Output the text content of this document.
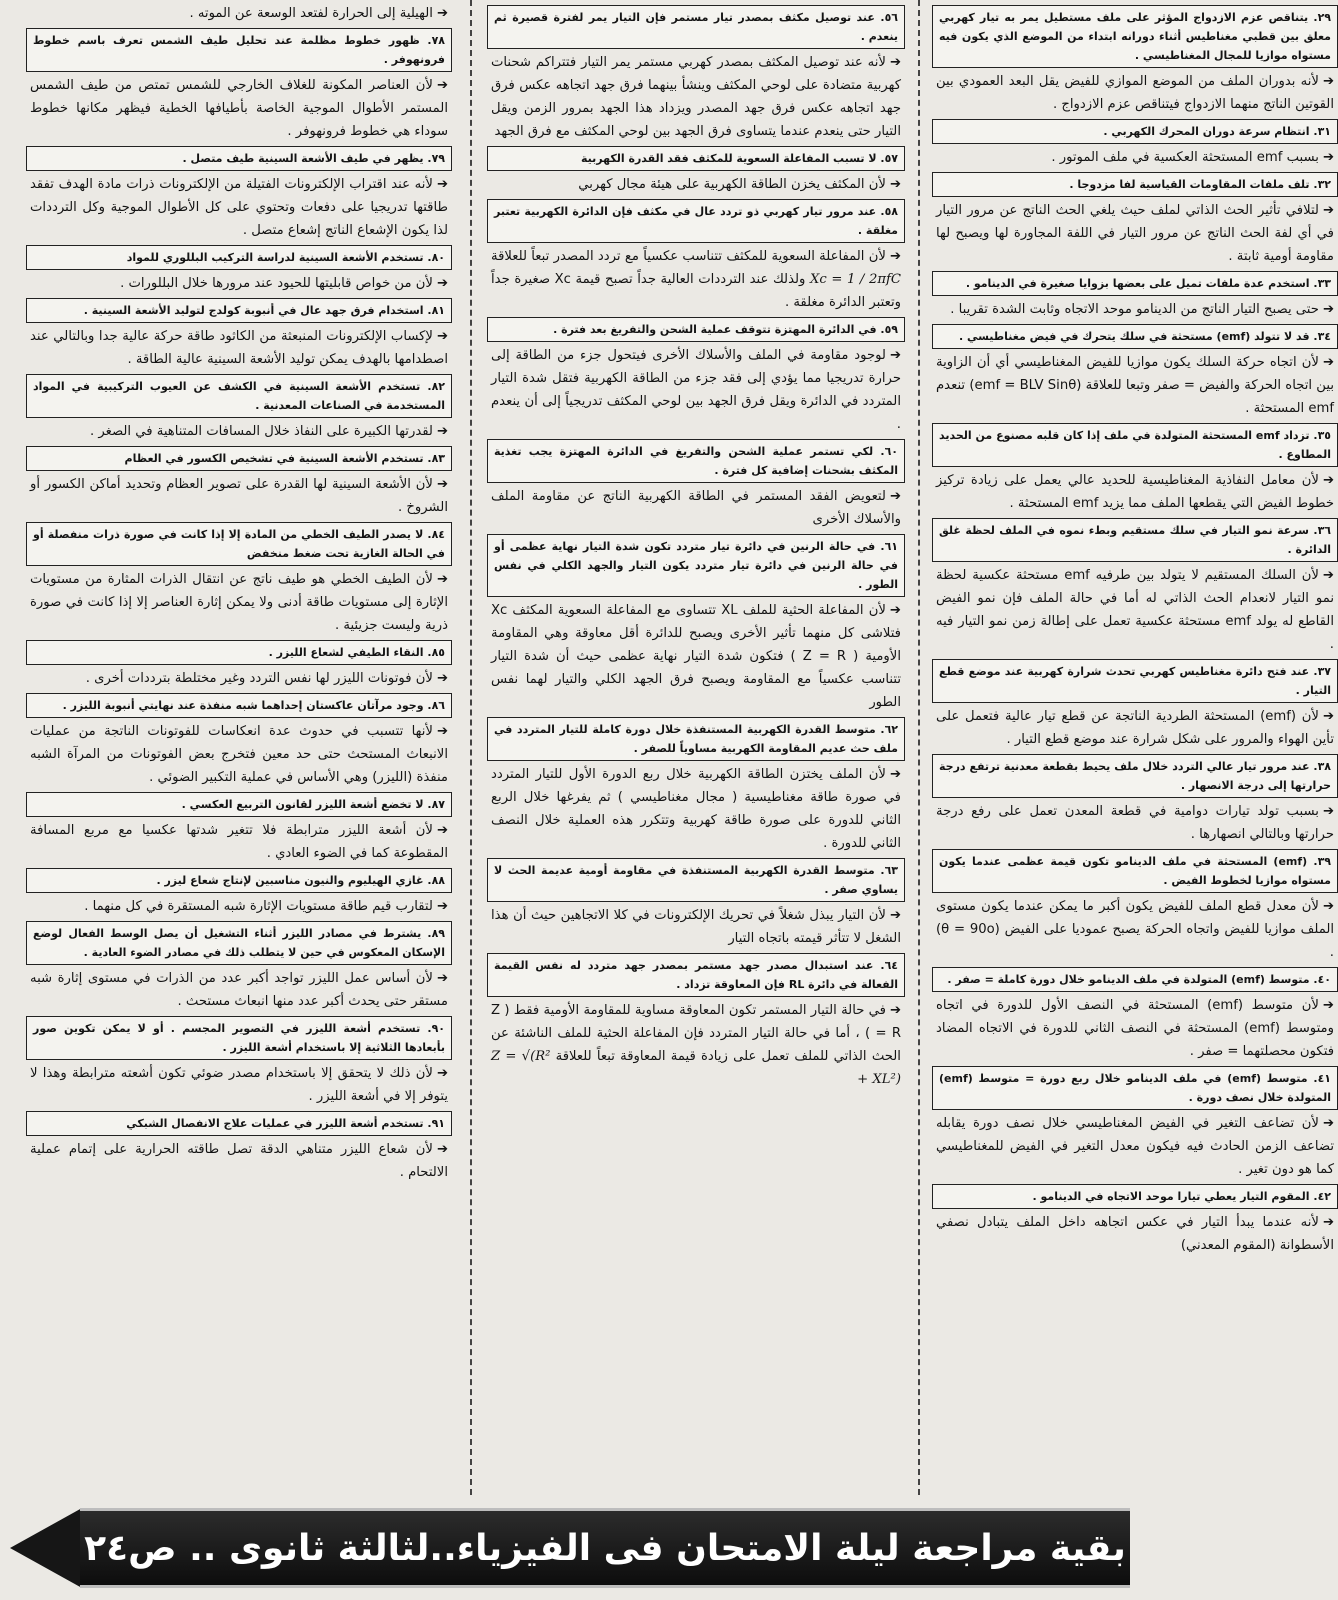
٢٩. يتناقص عزم الازدواج المؤثر على ملف مستطيل يمر به تيار كهربي معلق بين قطبي مغناطيس أثناء دورانه ابتداء من الموضع الذي يكون فيه مستواه موازيا للمجال المغناطيسي .
➔لأنه بدوران الملف من الموضع الموازي للفيض يقل البعد العمودي بين القوتين الناتج منهما الازدواج فيتناقص عزم الازدواج .
٣١. انتظام سرعة دوران المحرك الكهربي .
➔بسبب emf المستحثة العكسية في ملف الموتور .
٣٢. تلف ملفات المقاومات القياسية لفا مزدوجا .
➔لتلافي تأثير الحث الذاتي لملف حيث يلغي الحث الناتج عن مرور التيار في أي لفة الحث الناتج عن مرور التيار في اللفة المجاورة لها ويصبح لها مقاومة أومية ثابتة .
٣٣. استخدم عدة ملفات تميل على بعضها بزوايا صغيرة في الدينامو .
➔حتى يصبح التيار الناتج من الدينامو موحد الاتجاه وثابت الشدة تقريبا .
٣٤. قد لا تتولد (emf) مستحثة في سلك يتحرك في فيض مغناطيسي .
➔لأن اتجاه حركة السلك يكون موازيا للفيض المغناطيسي أي أن الزاوية بين اتجاه الحركة والفيض = صفر وتبعا للعلاقة (emf = BLV Sinθ) تنعدم emf المستحثة .
٣٥. تزداد emf المستحثة المتولدة في ملف إذا كان قلبه مصنوع من الحديد المطاوع .
➔لأن معامل النفاذية المغناطيسية للحديد عالي يعمل على زيادة تركيز خطوط الفيض التي يقطعها الملف مما يزيد emf المستحثة .
٣٦. سرعة نمو التيار في سلك مستقيم وبطء نموه في الملف لحظة غلق الدائرة .
➔لأن السلك المستقيم لا يتولد بين طرفيه emf مستحثة عكسية لحظة نمو التيار لانعدام الحث الذاتي له أما في حالة الملف فإن نمو الفيض القاطع له يولد emf مستحثة عكسية تعمل على إطالة زمن نمو التيار فيه .
٣٧. عند فتح دائرة مغناطيس كهربي تحدث شرارة كهربية عند موضع قطع التيار .
➔لأن (emf) المستحثة الطردية الناتجة عن قطع تيار عالية فتعمل على تأين الهواء والمرور على شكل شرارة عند موضع قطع التيار .
٣٨. عند مرور تيار عالي التردد خلال ملف يحيط بقطعة معدنية ترتفع درجة حرارتها إلى درجة الانصهار .
➔بسبب تولد تيارات دوامية في قطعة المعدن تعمل على رفع درجة حرارتها وبالتالي انصهارها .
٣٩. (emf) المستحثة في ملف الدينامو تكون قيمة عظمى عندما يكون مستواه موازيا لخطوط الفيض .
➔لأن معدل قطع الملف للفيض يكون أكبر ما يمكن عندما يكون مستوى الملف موازيا للفيض واتجاه الحركة يصبح عموديا على الفيض (θ = 90o) .
٤٠. متوسط (emf) المتولدة في ملف الدينامو خلال دورة كاملة = صفر .
➔لأن متوسط (emf) المستحثة في النصف الأول للدورة في اتجاه ومتوسط (emf) المستحثة في النصف الثاني للدورة في الاتجاه المضاد فتكون محصلتهما = صفر .
٤١. متوسط (emf) في ملف الدينامو خلال ربع دورة = متوسط (emf) المتولدة خلال نصف دورة .
➔لأن تضاعف التغير في الفيض المغناطيسي خلال نصف دورة يقابله تضاعف الزمن الحادث فيه فيكون معدل التغير في الفيض للمغناطيسي كما هو دون تغير .
٤٢. المقوم التيار يعطي تيارا موحد الاتجاه في الدينامو .
➔لأنه عندما يبدأ التيار في عكس اتجاهه داخل الملف يتبادل نصفي الأسطوانة (المقوم المعدني)
٥٦. عند توصيل مكثف بمصدر تيار مستمر فإن التيار يمر لفترة قصيرة ثم ينعدم .
➔لأنه عند توصيل المكثف بمصدر كهربي مستمر يمر التيار فتتراكم شحنات كهربية متضادة على لوحي المكثف وينشأ بينهما فرق جهد اتجاهه عكس فرق جهد اتجاهه عكس فرق جهد المصدر ويزداد هذا الجهد بمرور الزمن ويقل التيار حتى ينعدم عندما يتساوى فرق الجهد بين لوحي المكثف مع فرق الجهد
٥٧. لا تسبب المفاعلة السعوية للمكثف فقد القدرة الكهربية
➔لأن المكثف يخزن الطاقة الكهربية على هيئة مجال كهربي
٥٨. عند مرور تيار كهربي ذو تردد عال في مكثف فإن الدائرة الكهربية تعتبر مغلقة .
➔لأن المفاعلة السعوية للمكثف تتناسب عكسياً مع تردد المصدر تبعاً للعلاقة Xc = 1 / 2πfC ولذلك عند الترددات العالية جداً تصبح قيمة Xc صغيرة جداً وتعتبر الدائرة مغلقة .
٥٩. في الدائرة المهتزة تتوقف عملية الشحن والتفريغ بعد فترة .
➔لوجود مقاومة في الملف والأسلاك الأخرى فيتحول جزء من الطاقة إلى حرارة تدريجيا مما يؤدي إلى فقد جزء من الطاقة الكهربية فتقل شدة التيار المتردد في الدائرة ويقل فرق الجهد بين لوحي المكثف تدريجياً إلى أن ينعدم .
٦٠. لكي تستمر عملية الشحن والتفريغ في الدائرة المهتزة يجب تغذية المكثف بشحنات إضافية كل فترة .
➔لتعويض الفقد المستمر في الطاقة الكهربية الناتج عن مقاومة الملف والأسلاك الأخرى
٦١. في حالة الرنين في دائرة تيار متردد تكون شدة التيار نهاية عظمى أو في حالة الرنين في دائرة تيار متردد يكون التيار والجهد الكلي في نفس الطور .
➔لأن المفاعلة الحثية للملف XL تتساوى مع المفاعلة السعوية المكثف Xc فتلاشى كل منهما تأثير الأخرى ويصبح للدائرة أقل معاوقة وهي المقاومة الأومية ( Z = R ) فتكون شدة التيار نهاية عظمى حيث أن شدة التيار تتناسب عكسياً مع المقاومة ويصبح فرق الجهد الكلي والتيار لهما نفس الطور
٦٢. متوسط القدرة الكهربية المستنفذة خلال دورة كاملة للتيار المتردد في ملف حث عديم المقاومة الكهربية مساوياً للصفر .
➔لأن الملف يختزن الطاقة الكهربية خلال ربع الدورة الأول للتيار المتردد في صورة طاقة مغناطيسية ( مجال مغناطيسي ) ثم يفرغها خلال الربع الثاني للدورة على صورة طاقة كهربية وتتكرر هذه العملية خلال النصف الثاني للدورة .
٦٣. متوسط القدرة الكهربية المستنفذة في مقاومة أومية عديمة الحث لا يساوي صفر .
➔لأن التيار يبذل شغلاً في تحريك الإلكترونات في كلا الاتجاهين حيث أن هذا الشغل لا تتأثر قيمته باتجاه التيار
٦٤. عند استبدال مصدر جهد مستمر بمصدر جهد متردد له نفس القيمة الفعالة في دائرة RL فإن المعاوقة تزداد .
➔في حالة التيار المستمر تكون المعاوقة مساوية للمقاومة الأومية فقط ( Z = R ) ، أما في حالة التيار المتردد فإن المفاعلة الحثية للملف الناشئة عن الحث الذاتي للملف تعمل على زيادة قيمة المعاوقة تبعاً للعلاقة Z = √(R² + XL²)
➔الهيلية إلى الحرارة لفتعد الوسعة عن الموته .
٧٨. ظهور خطوط مظلمة عند تحليل طيف الشمس تعرف باسم خطوط فرونهوفر .
➔لأن العناصر المكونة للغلاف الخارجي للشمس تمتص من طيف الشمس المستمر الأطوال الموجية الخاصة بأطيافها الخطية فيظهر مكانها خطوط سوداء هي خطوط فرونهوفر .
٧٩. يظهر في طيف الأشعة السينية طيف متصل .
➔لأنه عند اقتراب الإلكترونات الفتيلة من الإلكترونات ذرات مادة الهدف تفقد طاقتها تدريجيا على دفعات وتحتوي على كل الأطوال الموجية وكل الترددات لذا يكون الإشعاع الناتج إشعاع متصل .
٨٠. تستخدم الأشعة السينية لدراسة التركيب البللوري للمواد
➔لأن من خواص قابليتها للحيود عند مرورها خلال البللورات .
٨١. استخدام فرق جهد عال في أنبوبة كولدج لتوليد الأشعة السينية .
➔لإكساب الإلكترونات المنبعثة من الكاثود طاقة حركة عالية جدا وبالتالي عند اصطدامها بالهدف يمكن توليد الأشعة السينية عالية الطاقة .
٨٢. تستخدم الأشعة السينية في الكشف عن العيوب التركيبية في المواد المستخدمة في الصناعات المعدنية .
➔لقدرتها الكبيرة على النفاذ خلال المسافات المتناهية في الصغر .
٨٣. تستخدم الأشعة السينية في تشخيص الكسور في العظام
➔لأن الأشعة السينية لها القدرة على تصوير العظام وتحديد أماكن الكسور أو الشروخ .
٨٤. لا يصدر الطيف الخطي من المادة إلا إذا كانت في صورة ذرات منفصلة أو في الحالة الغازية تحت ضغط منخفض
➔لأن الطيف الخطي هو طيف ناتج عن انتقال الذرات المثارة من مستويات الإثارة إلى مستويات طاقة أدنى ولا يمكن إثارة العناصر إلا إذا كانت في صورة ذرية وليست جزيئية .
٨٥. النقاء الطيفي لشعاع الليزر .
➔لأن فوتونات الليزر لها نفس التردد وغير مختلطة بترددات أخرى .
٨٦. وجود مرآتان عاكستان إحداهما شبه منفذة عند نهايتي أنبوبة الليزر .
➔لأنها تتسبب في حدوث عدة انعكاسات للفوتونات الناتجة من عمليات الانبعاث المستحث حتى حد معين فتخرج بعض الفوتونات من المرآة الشبه منفذة (الليزر) وهي الأساس في عملية التكبير الضوئي .
٨٧. لا تخضع أشعة الليزر لقانون التربيع العكسي .
➔لأن أشعة الليزر مترابطة فلا تتغير شدتها عكسيا مع مربع المسافة المقطوعة كما في الضوء العادي .
٨٨. غازي الهيليوم والنيون مناسبين لإنتاج شعاع ليزر .
➔لتقارب قيم طاقة مستويات الإثارة شبه المستقرة في كل منهما .
٨٩. يشترط في مصادر الليزر أثناء التشغيل أن يصل الوسط الفعال لوضع الإسكان المعكوس في حين لا يتطلب ذلك في مصادر الضوء العادية .
➔لأن أساس عمل الليزر تواجد أكبر عدد من الذرات في مستوى إثارة شبه مستقر حتى يحدث أكبر عدد منها انبعاث مستحث .
٩٠. تستخدم أشعة الليزر في التصوير المجسم . أو لا يمكن تكوين صور بأبعادها الثلاثية إلا باستخدام أشعة الليزر .
➔لأن ذلك لا يتحقق إلا باستخدام مصدر ضوئي تكون أشعته مترابطة وهذا لا يتوفر إلا في أشعة الليزر .
٩١. تستخدم أشعة الليزر في عمليات علاج الانفصال الشبكي
➔لأن شعاع الليزر متناهي الدقة تصل طاقته الحرارية على إتمام عملية الالتحام .
بقية مراجعة ليلة الامتحان فى الفيزياء..لثالثة ثانوى .. ص٢٤
